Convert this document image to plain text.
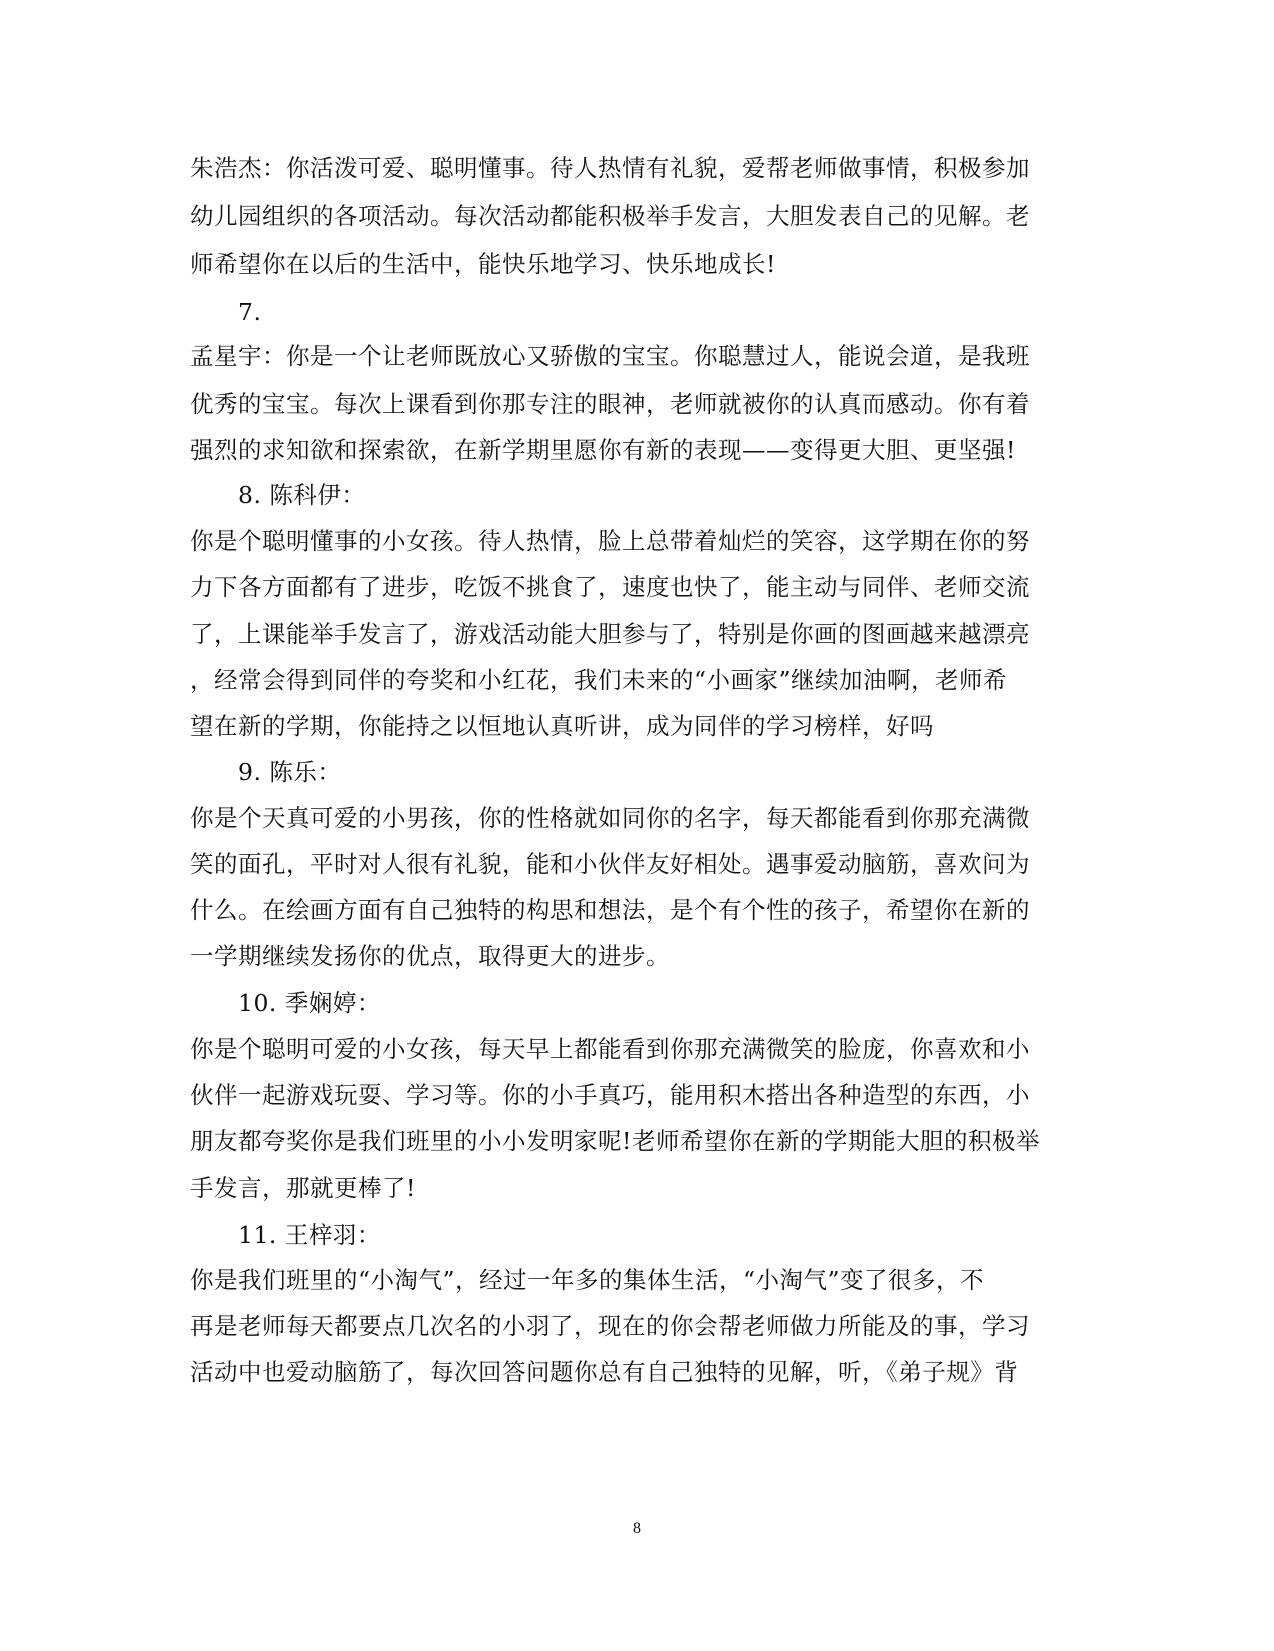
朱浩杰：你活泼可爱、聪明懂事。待人热情有礼貌，爱帮老师做事情，积极参加
幼儿园组织的各项活动。每次活动都能积极举手发言，大胆发表自己的见解。老
师希望你在以后的生活中，能快乐地学习、快乐地成长!
7.
孟星宇：你是一个让老师既放心又骄傲的宝宝。你聪慧过人，能说会道，是我班
优秀的宝宝。每次上课看到你那专注的眼神，老师就被你的认真而感动。你有着
强烈的求知欲和探索欲，在新学期里愿你有新的表现——变得更大胆、更坚强!
8. 陈科伊：
你是个聪明懂事的小女孩。待人热情，脸上总带着灿烂的笑容，这学期在你的努
力下各方面都有了进步，吃饭不挑食了，速度也快了，能主动与同伴、老师交流
了，上课能举手发言了，游戏活动能大胆参与了，特别是你画的图画越来越漂亮
，经常会得到同伴的夸奖和小红花，我们未来的“小画家”继续加油啊，老师希
望在新的学期，你能持之以恒地认真听讲，成为同伴的学习榜样，好吗
9. 陈乐：
你是个天真可爱的小男孩，你的性格就如同你的名字，每天都能看到你那充满微
笑的面孔，平时对人很有礼貌，能和小伙伴友好相处。遇事爱动脑筋，喜欢问为
什么。在绘画方面有自己独特的构思和想法，是个有个性的孩子，希望你在新的
一学期继续发扬你的优点，取得更大的进步。
10. 季娴婷：
你是个聪明可爱的小女孩，每天早上都能看到你那充满微笑的脸庞，你喜欢和小
伙伴一起游戏玩耍、学习等。你的小手真巧，能用积木搭出各种造型的东西，小
朋友都夸奖你是我们班里的小小发明家呢!老师希望你在新的学期能大胆的积极举
手发言，那就更棒了!
11. 王梓羽：
你是我们班里的“小淘气”，经过一年多的集体生活，“小淘气”变了很多，不
再是老师每天都要点几次名的小羽了，现在的你会帮老师做力所能及的事，学习
活动中也爱动脑筋了，每次回答问题你总有自己独特的见解，听，《弟子规》背
8
